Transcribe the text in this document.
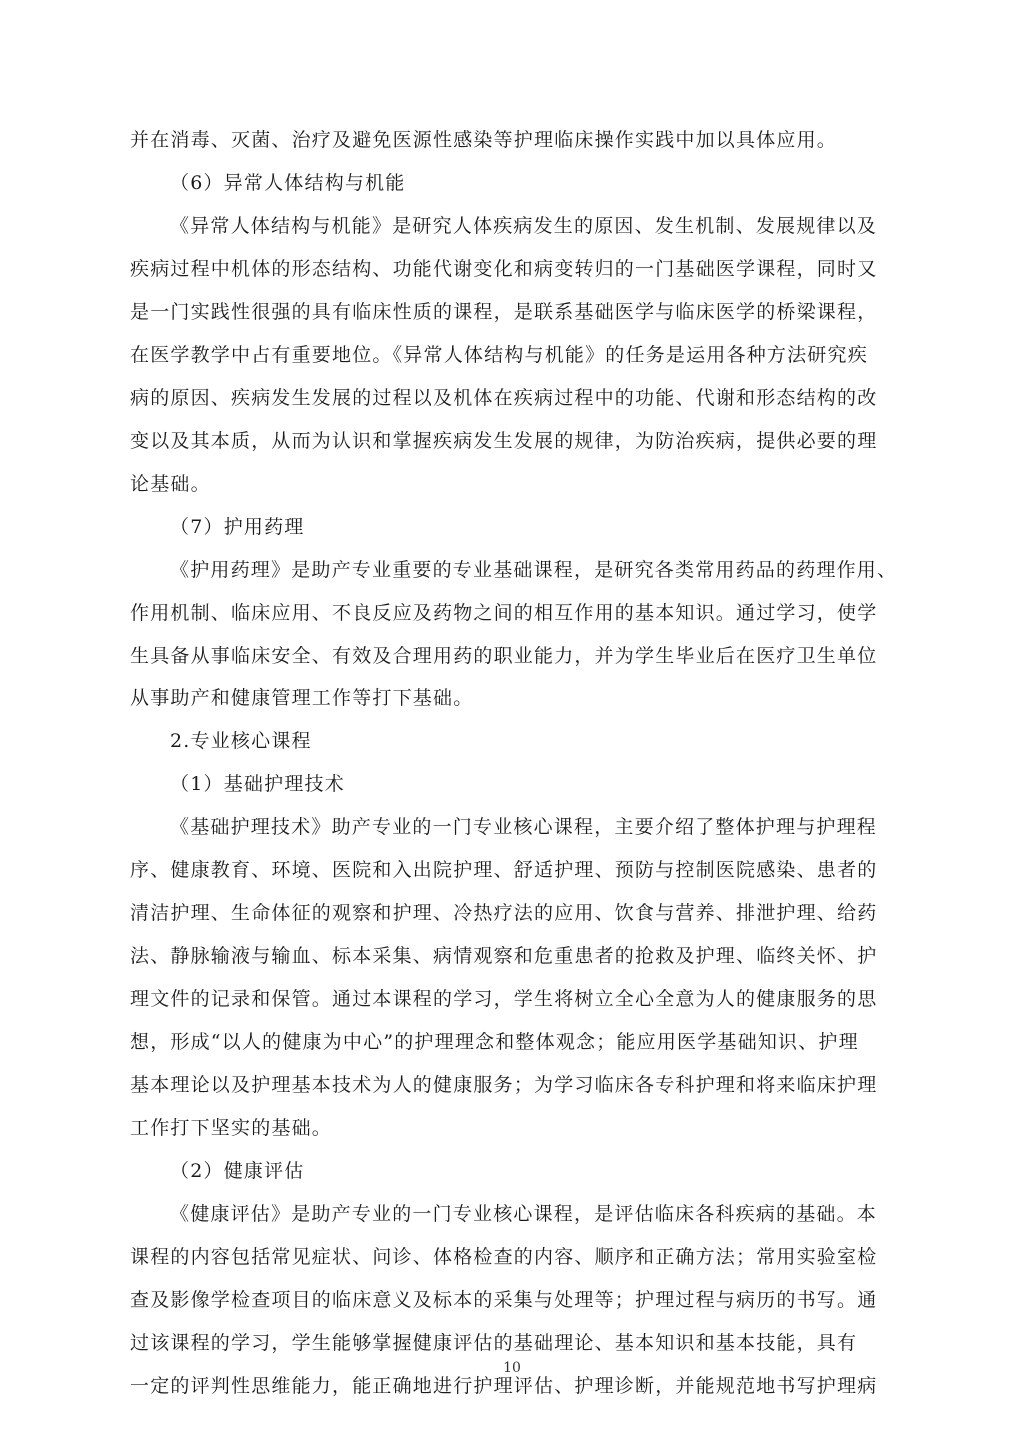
并在消毒、灭菌、治疗及避免医源性感染等护理临床操作实践中加以具体应用。
（6）异常人体结构与机能
《异常人体结构与机能》是研究人体疾病发生的原因、发生机制、发展规律以及
疾病过程中机体的形态结构、功能代谢变化和病变转归的一门基础医学课程，同时又
是一门实践性很强的具有临床性质的课程，是联系基础医学与临床医学的桥梁课程，
在医学教学中占有重要地位。《异常人体结构与机能》的任务是运用各种方法研究疾
病的原因、疾病发生发展的过程以及机体在疾病过程中的功能、代谢和形态结构的改
变以及其本质，从而为认识和掌握疾病发生发展的规律，为防治疾病，提供必要的理
论基础。
（7）护用药理
《护用药理》是助产专业重要的专业基础课程，是研究各类常用药品的药理作用、
作用机制、临床应用、不良反应及药物之间的相互作用的基本知识。通过学习，使学
生具备从事临床安全、有效及合理用药的职业能力，并为学生毕业后在医疗卫生单位
从事助产和健康管理工作等打下基础。
2.专业核心课程
（1）基础护理技术
《基础护理技术》助产专业的一门专业核心课程，主要介绍了整体护理与护理程
序、健康教育、环境、医院和入出院护理、舒适护理、预防与控制医院感染、患者的
清洁护理、生命体征的观察和护理、冷热疗法的应用、饮食与营养、排泄护理、给药
法、静脉输液与输血、标本采集、病情观察和危重患者的抢救及护理、临终关怀、护
理文件的记录和保管。通过本课程的学习，学生将树立全心全意为人的健康服务的思
想，形成“以人的健康为中心”的护理理念和整体观念；能应用医学基础知识、护理
基本理论以及护理基本技术为人的健康服务；为学习临床各专科护理和将来临床护理
工作打下坚实的基础。
（2）健康评估
《健康评估》是助产专业的一门专业核心课程，是评估临床各科疾病的基础。本
课程的内容包括常见症状、问诊、体格检查的内容、顺序和正确方法；常用实验室检
查及影像学检查项目的临床意义及标本的采集与处理等；护理过程与病历的书写。通
过该课程的学习，学生能够掌握健康评估的基础理论、基本知识和基本技能，具有
一定的评判性思维能力，能正确地进行护理评估、护理诊断，并能规范地书写护理病
10
